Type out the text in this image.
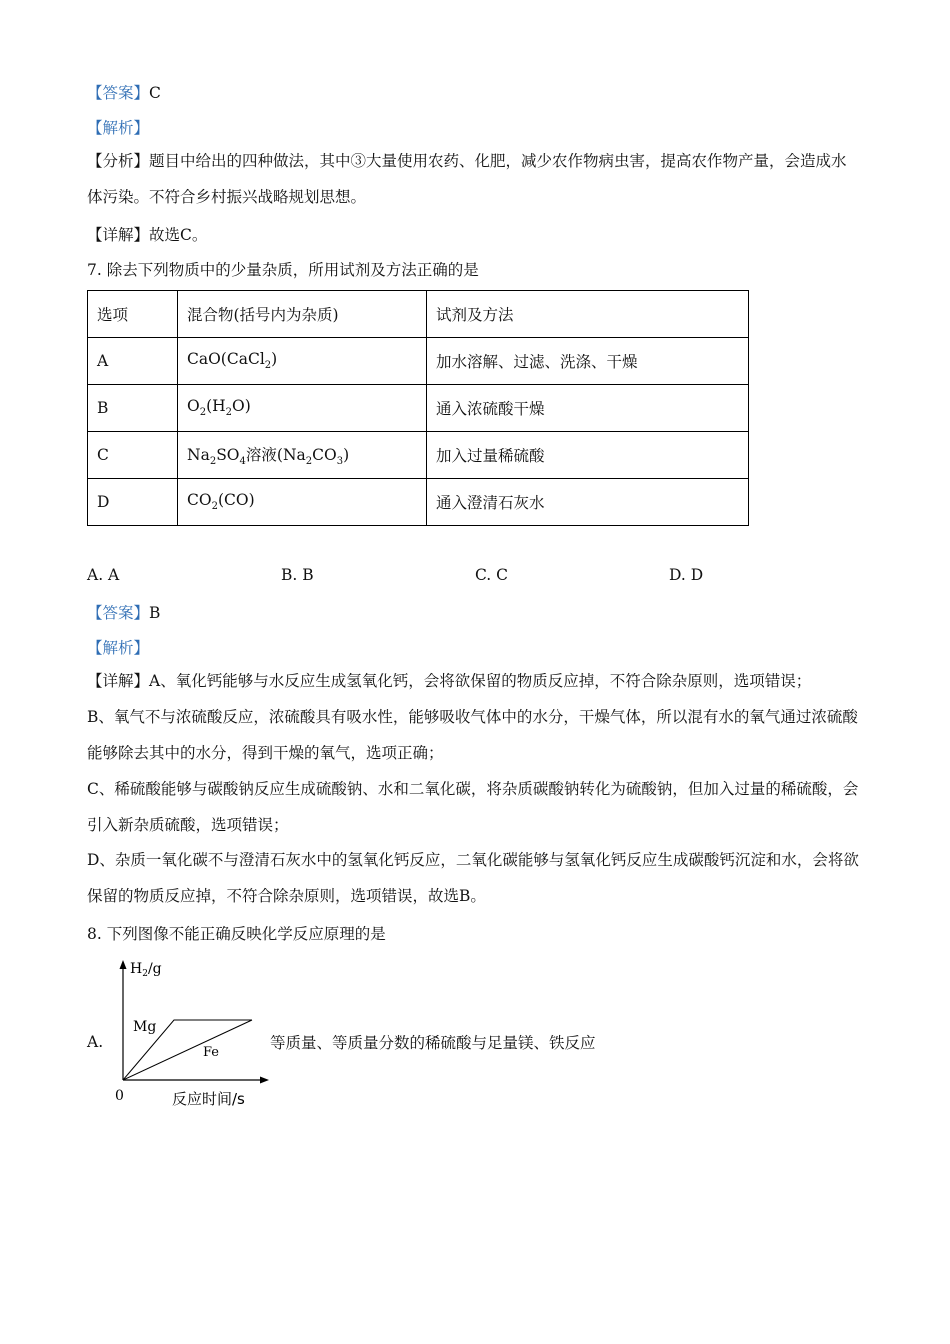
【答案】C
【解析】
【分析】题目中给出的四种做法，其中③大量使用农药、化肥，减少农作物病虫害，提高农作物产量，会造成水体污染。不符合乡村振兴战略规划思想。
【详解】故选C。
7. 除去下列物质中的少量杂质，所用试剂及方法正确的是
选项	混合物(括号内为杂质)	试剂及方法
A	CaO(CaCl$_2$)	加水溶解、过滤、洗涤、干燥
B	$O_2(H_2O)$	通入浓硫酸干燥
C	$Na_2SO_4$溶液$(Na_2CO_3)$	加入过量稀硫酸
D	$CO_2(CO)$	通入澄清石灰水
A. A	B. B	C. C	D. D
【答案】B
【解析】
【详解】A、氧化钙能够与水反应生成氢氧化钙，会将欲保留的物质反应掉，不符合除杂原则，选项错误；
B、氧气不与浓硫酸反应，浓硫酸具有吸水性，能够吸收气体中的水分，干燥气体，所以混有水的氧气通过浓硫酸能够除去其中的水分，得到干燥的氧气，选项正确；
C、稀硫酸能够与碳酸钠反应生成硫酸钠、水和二氧化碳，将杂质碳酸钠转化为硫酸钠，但加入过量的稀硫酸，会引入新杂质硫酸，选项错误；
D、杂质一氧化碳不与澄清石灰水中的氢氧化钙反应，二氧化碳能够与氢氧化钙反应生成碳酸钙沉淀和水，会将欲保留的物质反应掉，不符合除杂原则，选项错误，故选B。
8. 下列图像不能正确反映化学反应原理的是
A.
$H_2/g$
Mg
Fe
0	反应时间/s
等质量、等质量分数的稀硫酸与足量镁、铁反应
